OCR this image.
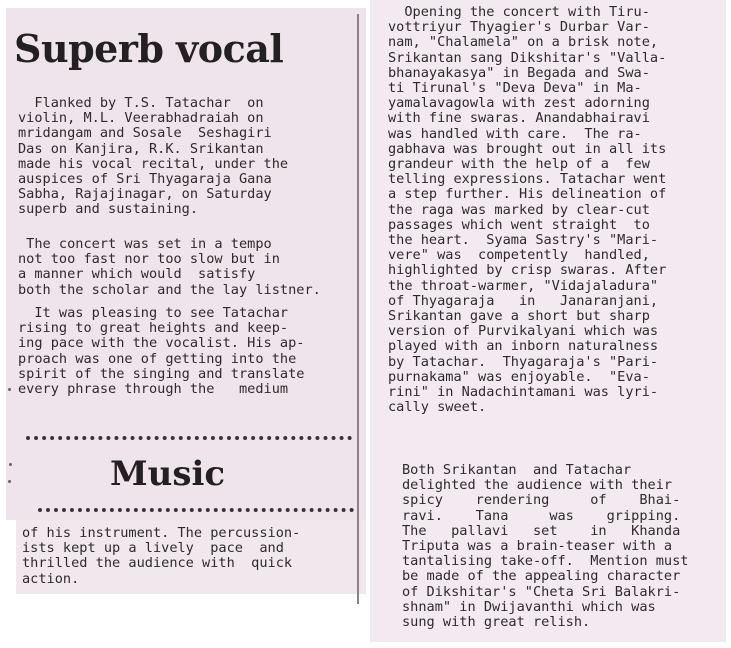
Superb vocal

Flanked by T.S. Tatachar  on
violin, M.L. Veerabhadraiah on
mridangam and Sosale  Seshagiri
Das on Kanjira, R.K. Srikantan
made his vocal recital, under the
auspices of Sri Thyagaraja Gana
Sabha, Rajajinagar, on Saturday
superb and sustaining.

The concert was set in a tempo
not too fast nor too slow but in
a manner which would  satisfy
both the scholar and the lay listner.

It was pleasing to see Tatachar
rising to great heights and keep-
ing pace with the vocalist. His ap-
proach was one of getting into the
spirit of the singing and translate
every phrase through the   medium

Music

of his instrument. The percussion-
ists kept up a lively  pace  and
thrilled the audience with  quick
action.

Opening the concert with Tiru-
vottriyur Thyagier's Durbar Var-
nam, "Chalamela" on a brisk note,
Srikantan sang Dikshitar's "Valla-
bhanayakasya" in Begada and Swa-
ti Tirunal's "Deva Deva" in Ma-
yamalavagowla with zest adorning
with fine swaras. Anandabhairavi
was handled with care.  The ra-
gabhava was brought out in all its
grandeur with the help of a  few
telling expressions. Tatachar went
a step further. His delineation of
the raga was marked by clear-cut
passages which went straight  to
the heart.  Syama Sastry's "Mari-
vere" was  competently  handled,
highlighted by crisp swaras. After
the throat-warmer, "Vidajaladura"
of Thyagaraja   in   Janaranjani,
Srikantan gave a short but sharp
version of Purvikalyani which was
played with an inborn naturalness
by Tatachar.  Thyagaraja's "Pari-
purnakama" was enjoyable.  "Eva-
rini" in Nadachintamani was lyri-
cally sweet.

Both Srikantan  and Tatachar
delighted the audience with their
spicy    rendering     of    Bhai-
ravi.    Tana     was    gripping.
The   pallavi   set    in   Khanda
Triputa was a brain-teaser with a
tantalising take-off.  Mention must
be made of the appealing character
of Dikshitar's "Cheta Sri Balakri-
shnam" in Dwijavanthi which was
sung with great relish.
